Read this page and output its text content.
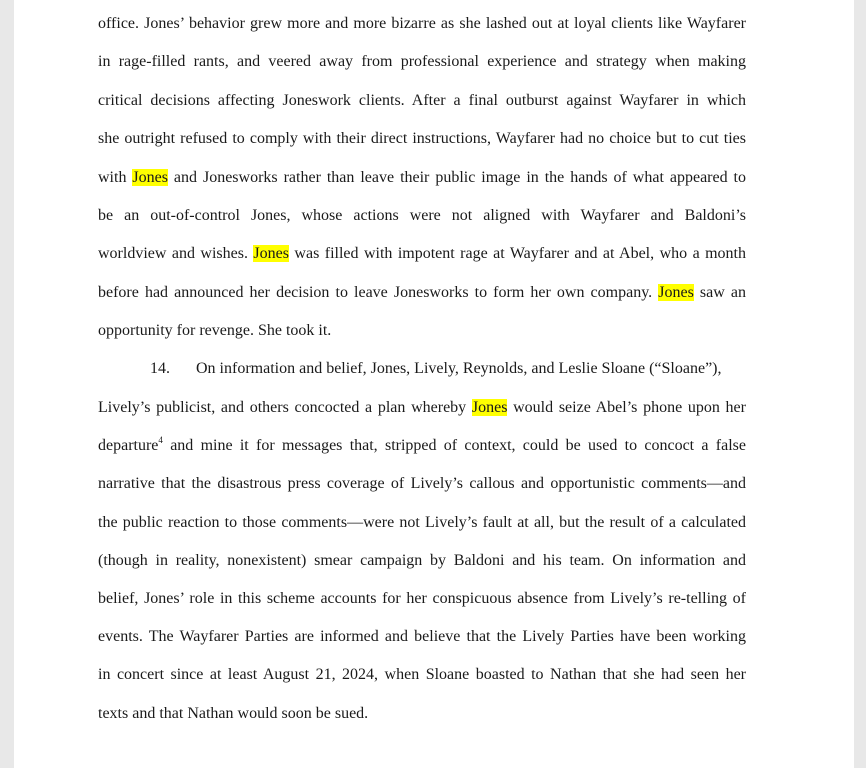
office. Jones’ behavior grew more and more bizarre as she lashed out at loyal clients like Wayfarer
in rage-filled rants, and veered away from professional experience and strategy when making
critical decisions affecting Joneswork clients. After a final outburst against Wayfarer in which
she outright refused to comply with their direct instructions, Wayfarer had no choice but to cut ties
with Jones and Jonesworks rather than leave their public image in the hands of what appeared to
be an out-of-control Jones, whose actions were not aligned with Wayfarer and Baldoni’s
worldview and wishes. Jones was filled with impotent rage at Wayfarer and at Abel, who a month
before had announced her decision to leave Jonesworks to form her own company. Jones saw an
opportunity for revenge. She took it.
14. On information and belief, Jones, Lively, Reynolds, and Leslie Sloane (“Sloane”),
Lively’s publicist, and others concocted a plan whereby Jones would seize Abel’s phone upon her
departure$^4$ and mine it for messages that, stripped of context, could be used to concoct a false
narrative that the disastrous press coverage of Lively’s callous and opportunistic comments—and
the public reaction to those comments—were not Lively’s fault at all, but the result of a calculated
(though in reality, nonexistent) smear campaign by Baldoni and his team. On information and
belief, Jones’ role in this scheme accounts for her conspicuous absence from Lively’s re-telling of
events. The Wayfarer Parties are informed and believe that the Lively Parties have been working
in concert since at least August 21, 2024, when Sloane boasted to Nathan that she had seen her
texts and that Nathan would soon be sued.
